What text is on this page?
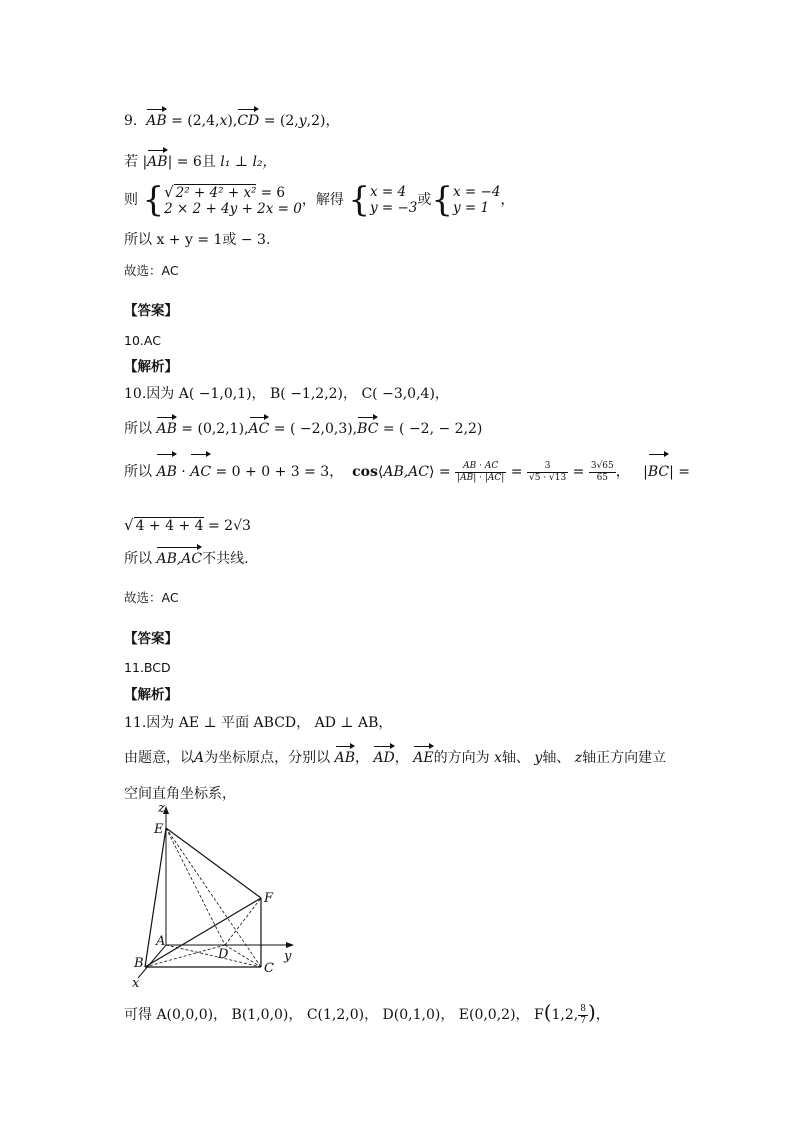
9. AB = (2,4,x),CD = (2,y,2)，
若 |AB| = 6且 l₁ ⊥ l₂，
则 { √ 2² + 4² + x² = 6
2 × 2 + 4y + 2x = 0
，解得 { x = 4
y = −3 或{ x = −4
y = 1 ，
所以 x + y = 1或 − 3.
故选：AC
【答案】
10.AC
【解析】
10.因为 A( −1,0,1)， B( −1,2,2)， C( −3,0,4)，
所以 AB = (0,2,1),AC = ( −2,0,3),BC = ( −2, − 2,2)
所以 AB · AC = 0 + 0 + 3 = 3， cos⟨AB,AC⟩ = $\frac{AB \cdot AC}{|AB| \cdot |AC|} = \frac{3}{√5 \cdot √13} = \frac{3√65}{65}$ ，   |BC| =
√ 4 + 4 + 4 = 2√3
所以 AB,AC不共线.
故选：AC
【答案】
11.BCD
【解析】
11.因为 AE ⊥ 平面 ABCD， AD ⊥ AB，
由题意，以A为坐标原点，分别以 AB， AD， AE的方向为 x轴、 y轴、 z轴正方向建立
空间直角坐标系，
z
E
F
A
D
B	C
x
y
可得 A(0,0,0)， B(1,0,0)， C(1,2,0)， D(0,1,0)， E(0,0,2)， F(1,2, $\frac{8}{7}$ )，
